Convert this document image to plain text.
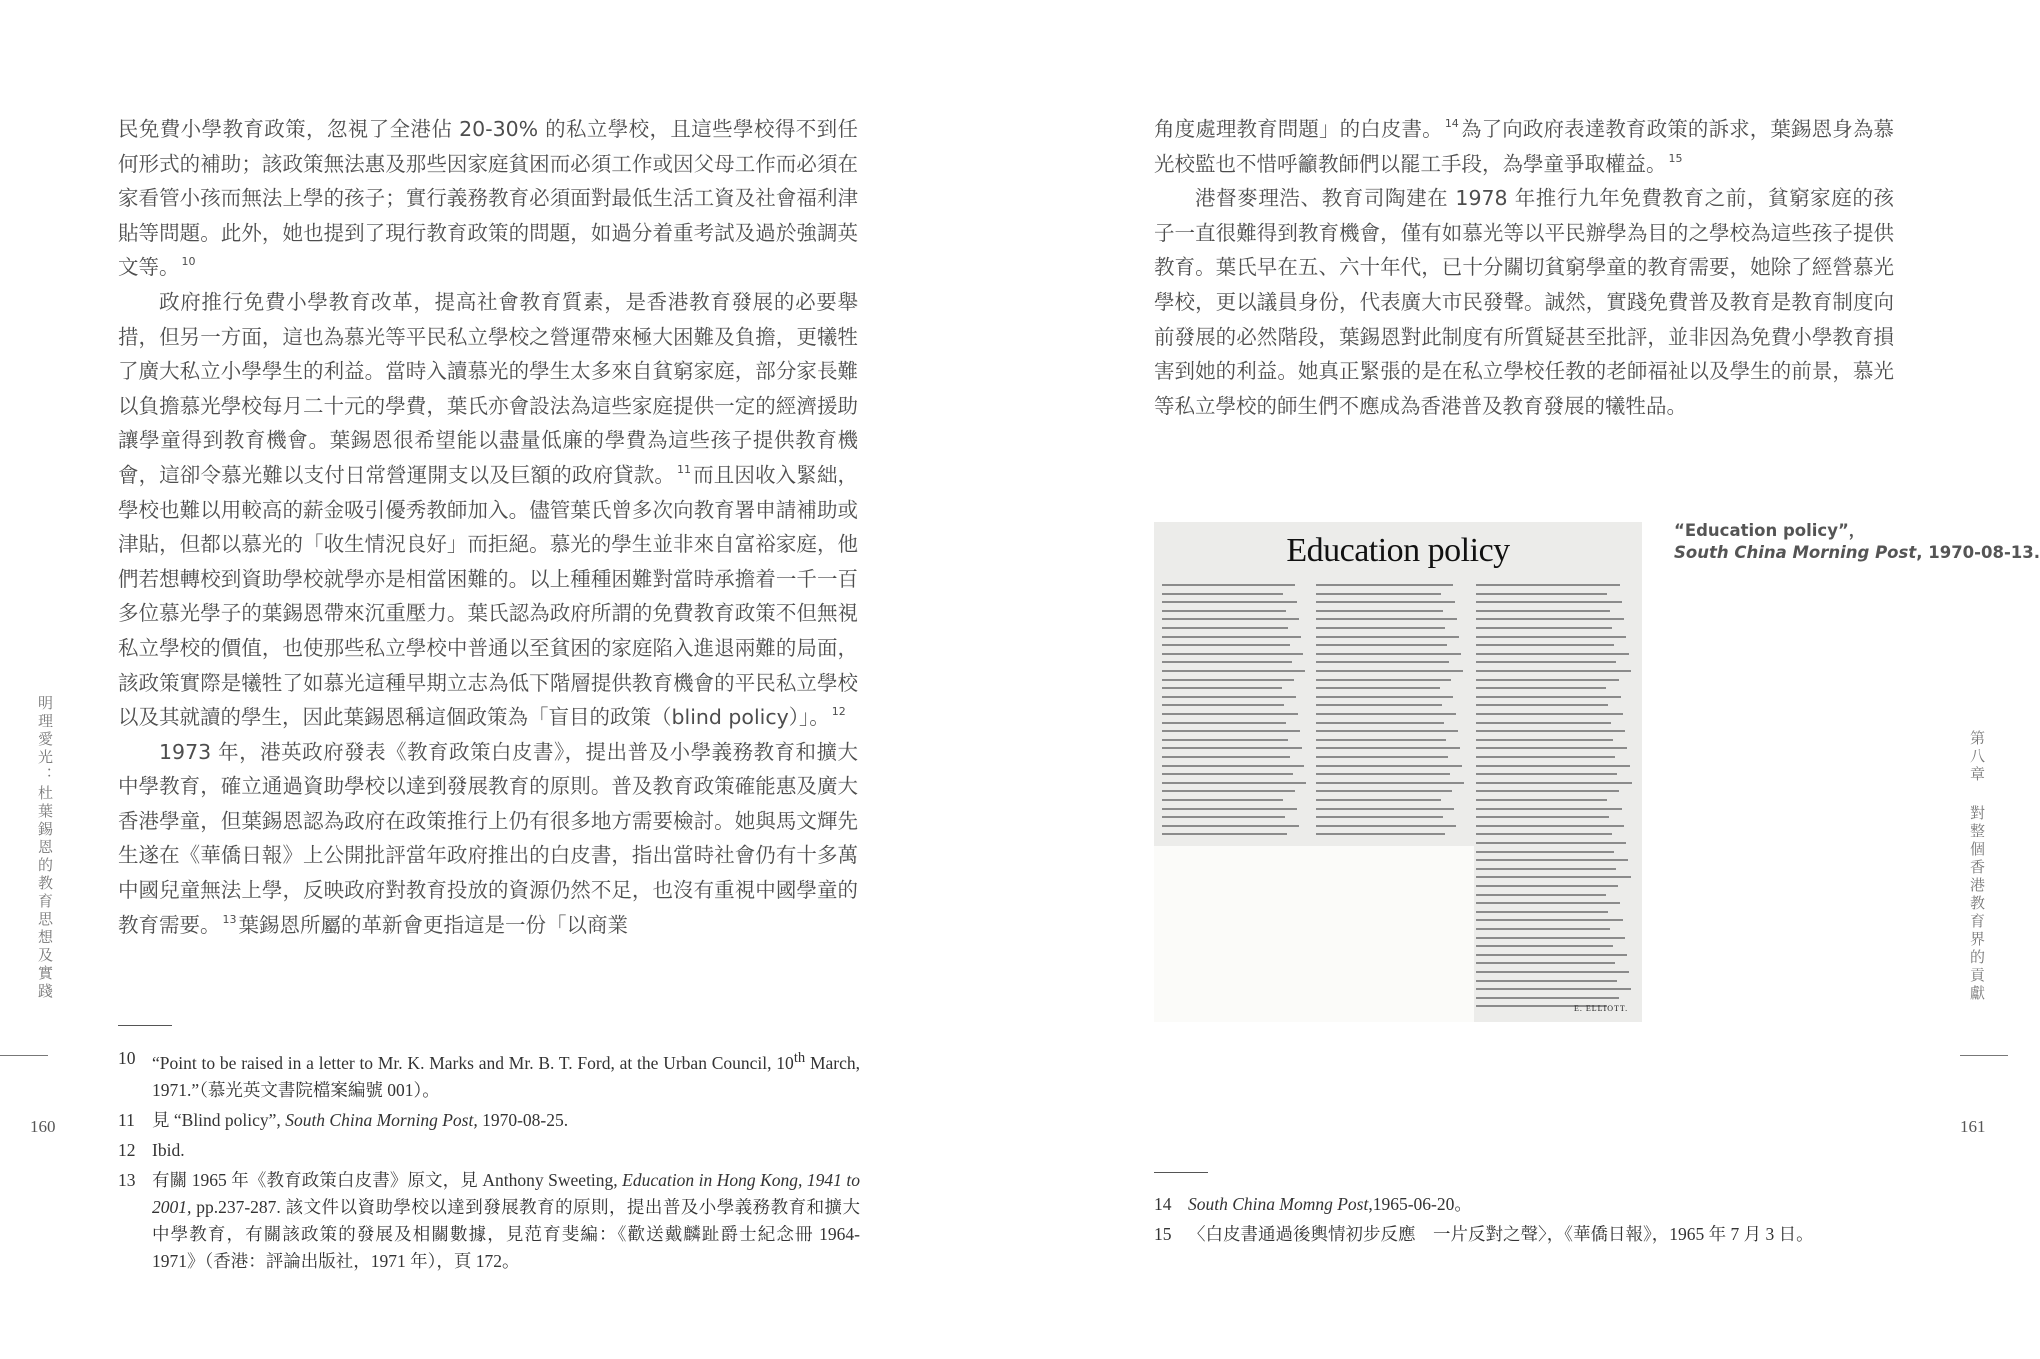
民免費小學教育政策，忽視了全港佔 20-30% 的私立學校，且這些學校得不到任何形式的補助；該政策無法惠及那些因家庭貧困而必須工作或因父母工作而必須在家看管小孩而無法上學的孩子；實行義務教育必須面對最低生活工資及社會福利津貼等問題。此外，她也提到了現行教育政策的問題，如過分着重考試及過於強調英文等。 $^{10}$

政府推行免費小學教育改革，提高社會教育質素，是香港教育發展的必要舉措，但另一方面，這也為慕光等平民私立學校之營運帶來極大困難及負擔，更犧牲了廣大私立小學學生的利益。當時入讀慕光的學生太多來自貧窮家庭，部分家長難以負擔慕光學校每月二十元的學費，葉氏亦會設法為這些家庭提供一定的經濟援助讓學童得到教育機會。葉錫恩很希望能以盡量低廉的學費為這些孩子提供教育機會，這卻令慕光難以支付日常營運開支以及巨額的政府貸款。 $^{11}$而且因收入緊絀，學校也難以用較高的薪金吸引優秀教師加入。儘管葉氏曾多次向教育署申請補助或津貼，但都以慕光的「收生情況良好」而拒絕。慕光的學生並非來自富裕家庭，他們若想轉校到資助學校就學亦是相當困難的。以上種種困難對當時承擔着一千一百多位慕光學子的葉錫恩帶來沉重壓力。葉氏認為政府所謂的免費教育政策不但無視私立學校的價值，也使那些私立學校中普通以至貧困的家庭陷入進退兩難的局面，該政策實際是犧牲了如慕光這種早期立志為低下階層提供教育機會的平民私立學校以及其就讀的學生，因此葉錫恩稱這個政策為「盲目的政策（blind policy）」。 $^{12}$

1973 年，港英政府發表《教育政策白皮書》，提出普及小學義務教育和擴大中學教育，確立通過資助學校以達到發展教育的原則。普及教育政策確能惠及廣大香港學童，但葉錫恩認為政府在政策推行上仍有很多地方需要檢討。她與馬文輝先生遂在《華僑日報》上公開批評當年政府推出的白皮書，指出當時社會仍有十多萬中國兒童無法上學，反映政府對教育投放的資源仍然不足，也沒有重視中國學童的教育需要。 $^{13}$葉錫恩所屬的革新會更指這是一份「以商業

明理愛光：杜葉錫恩的教育思想及實踐
160
10 “Point to be raised in a letter to Mr. K. Marks and Mr. B. T. Ford, at the Urban Council, 10th March, 1971.”（慕光英文書院檔案編號 001）。
11 見 “Blind policy”, South China Morning Post, 1970-08-25.
12 Ibid.
13 有關 1965 年《教育政策白皮書》原文，見 Anthony Sweeting, Education in Hong Kong, 1941 to 2001, pp.237-287. 該文件以資助學校以達到發展教育的原則，提出普及小學義務教育和擴大中學教育，有關該政策的發展及相關數據，見范育斐編：《歡送戴麟趾爵士紀念冊 1964-1971》（香港：評論出版社，1971 年），頁 172。

角度處理教育問題」的白皮書。 $^{14}$為了向政府表達教育政策的訴求，葉錫恩身為慕光校監也不惜呼籲教師們以罷工手段，為學童爭取權益。 $^{15}$

港督麥理浩、教育司陶建在 1978 年推行九年免費教育之前，貧窮家庭的孩子一直很難得到教育機會，僅有如慕光等以平民辦學為目的之學校為這些孩子提供教育。葉氏早在五、六十年代，已十分關切貧窮學童的教育需要，她除了經營慕光學校，更以議員身份，代表廣大市民發聲。誠然，實踐免費普及教育是教育制度向前發展的必然階段，葉錫恩對此制度有所質疑甚至批評，並非因為免費小學教育損害到她的利益。她真正緊張的是在私立學校任教的老師福祉以及學生的前景，慕光等私立學校的師生們不應成為香港普及教育發展的犧牲品。

Education policy
E. ELLIOTT.
“Education policy”，
South China Morning Post, 1970-08-13.
第八章 對整個香港教育界的貢獻
161
14 South China Momng Post,1965-06-20。
15 〈白皮書通過後輿情初步反應　一片反對之聲〉，《華僑日報》，1965 年 7 月 3 日。
